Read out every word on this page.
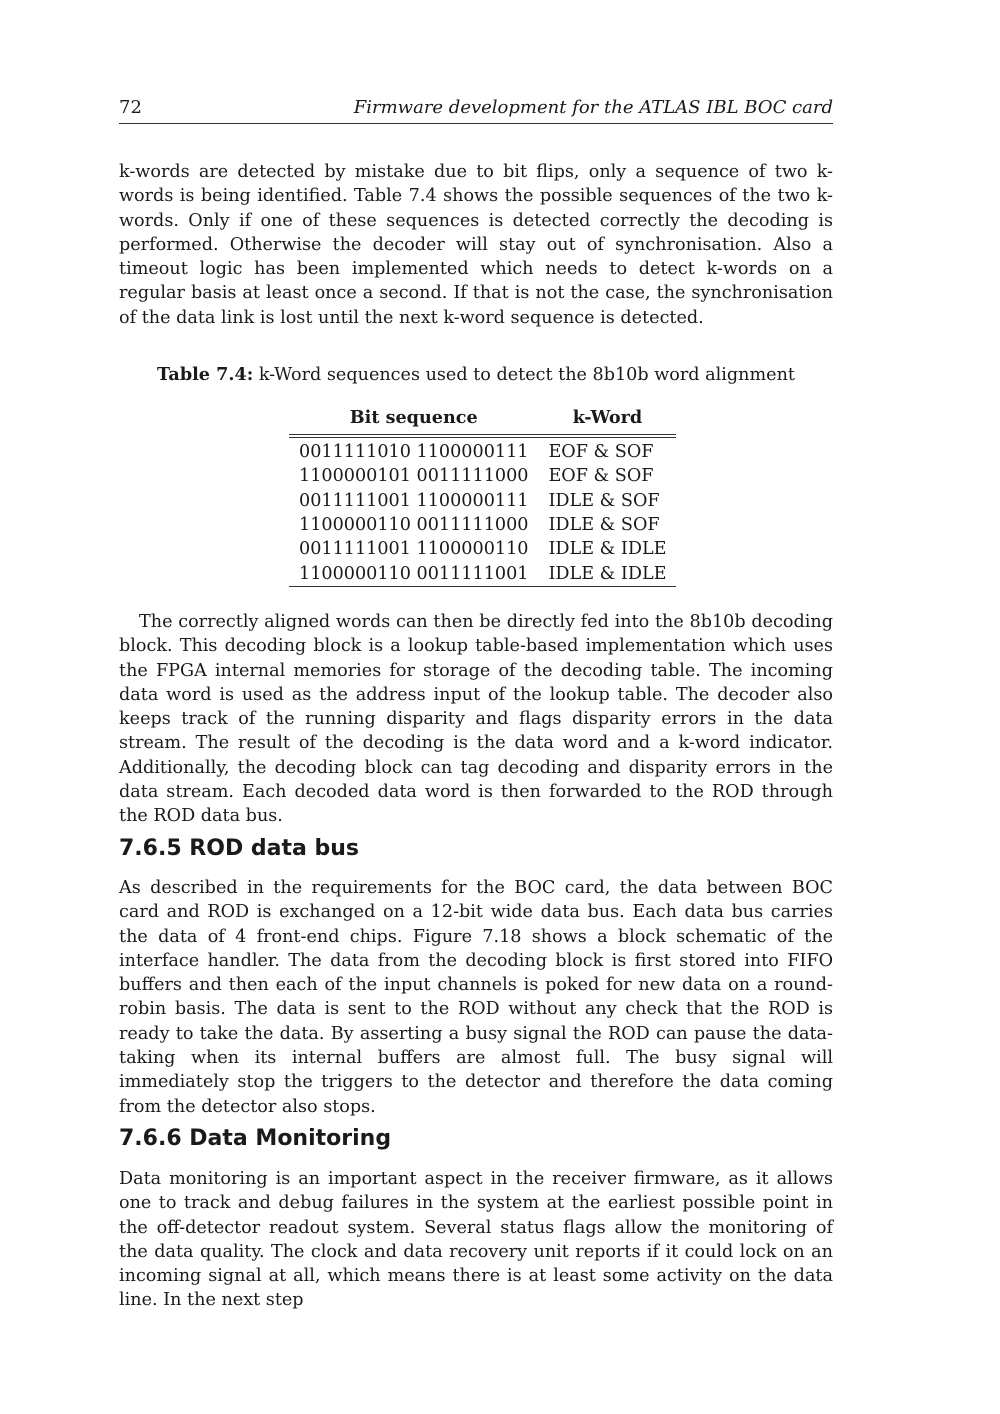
72	Firmware development for the ATLAS IBL BOC card

k-words are detected by mistake due to bit flips, only a sequence of two k-words is being identified. Table 7.4 shows the possible sequences of the two k-words. Only if one of these sequences is detected correctly the decoding is performed. Otherwise the decoder will stay out of synchronisation. Also a timeout logic has been implemented which needs to detect k-words on a regular basis at least once a second. If that is not the case, the synchronisation of the data link is lost until the next k-word sequence is detected.

Table 7.4: k-Word sequences used to detect the 8b10b word alignment

Bit sequence	k-Word
0011111010 1100000111	EOF & SOF
1100000101 0011111000	EOF & SOF
0011111001 1100000111	IDLE & SOF
1100000110 0011111000	IDLE & SOF
0011111001 1100000110	IDLE & IDLE
1100000110 0011111001	IDLE & IDLE

The correctly aligned words can then be directly fed into the 8b10b decoding block. This decoding block is a lookup table-based implementation which uses the FPGA internal memories for storage of the decoding table. The incoming data word is used as the address input of the lookup table. The decoder also keeps track of the running disparity and flags disparity errors in the data stream. The result of the decoding is the data word and a k-word indicator. Additionally, the decoding block can tag decoding and disparity errors in the data stream. Each decoded data word is then forwarded to the ROD through the ROD data bus.

7.6.5 ROD data bus

As described in the requirements for the BOC card, the data between BOC card and ROD is exchanged on a 12-bit wide data bus. Each data bus carries the data of 4 front-end chips. Figure 7.18 shows a block schematic of the interface handler. The data from the decoding block is first stored into FIFO buffers and then each of the input channels is poked for new data on a round-robin basis. The data is sent to the ROD without any check that the ROD is ready to take the data. By asserting a busy signal the ROD can pause the data-taking when its internal buffers are almost full. The busy signal will immediately stop the triggers to the detector and therefore the data coming from the detector also stops.

7.6.6 Data Monitoring

Data monitoring is an important aspect in the receiver firmware, as it allows one to track and debug failures in the system at the earliest possible point in the off-detector readout system. Several status flags allow the monitoring of the data quality. The clock and data recovery unit reports if it could lock on an incoming signal at all, which means there is at least some activity on the data line. In the next step
